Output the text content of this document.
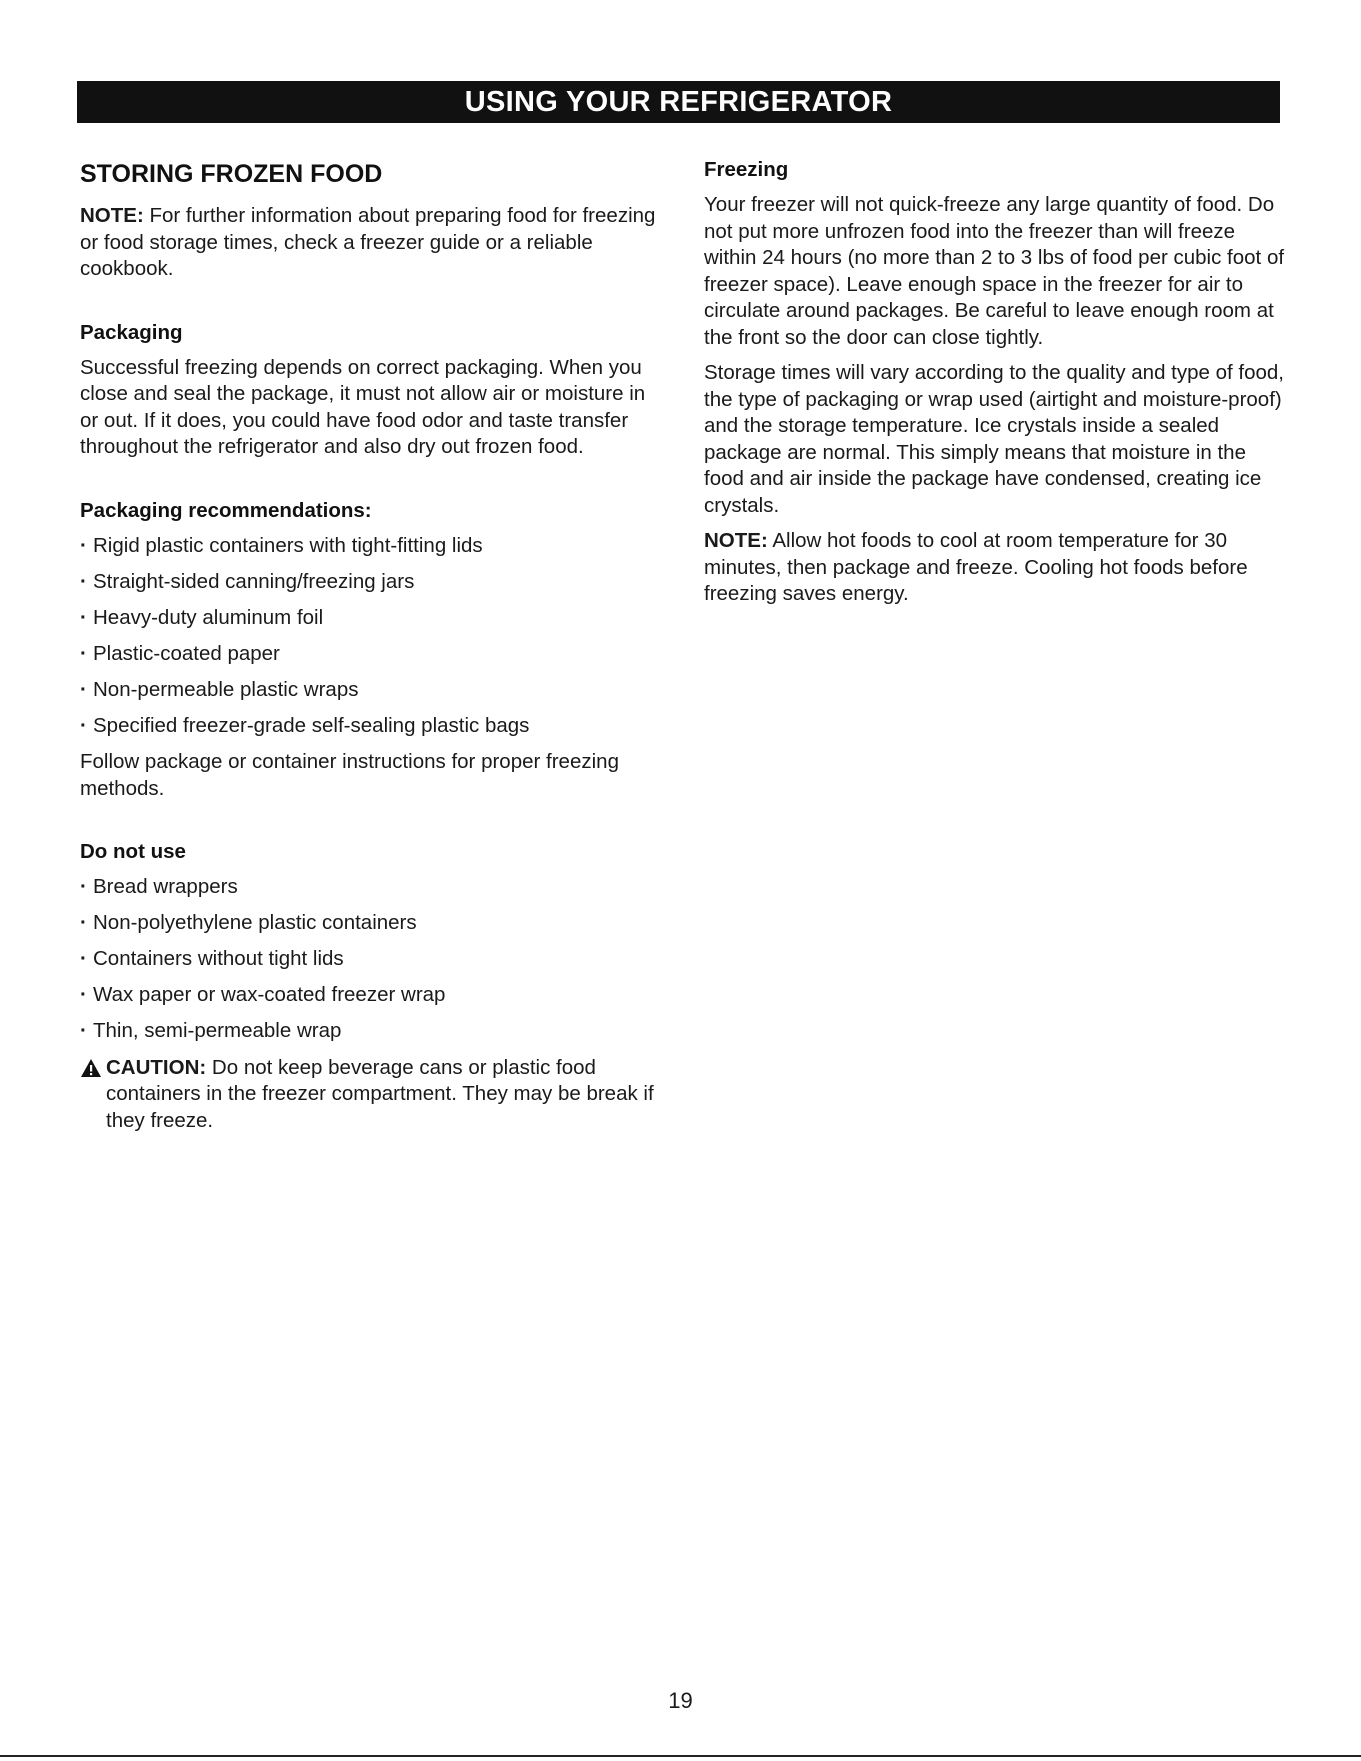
USING YOUR REFRIGERATOR
STORING FROZEN FOOD

NOTE: For further information about preparing food for freezing or food storage times, check a freezer guide or a reliable cookbook.

Packaging

Successful freezing depends on correct packaging. When you close and seal the package, it must not allow air or moisture in or out. If it does, you could have food odor and taste transfer throughout the refrigerator and also dry out frozen food.

Packaging recommendations:
· Rigid plastic containers with tight-fitting lids
· Straight-sided canning/freezing jars
· Heavy-duty aluminum foil
· Plastic-coated paper
· Non-permeable plastic wraps
· Specified freezer-grade self-sealing plastic bags

Follow package or container instructions for proper freezing methods.

Do not use
· Bread wrappers
· Non-polyethylene plastic containers
· Containers without tight lids
· Wax paper or wax-coated freezer wrap
· Thin, semi-permeable wrap

CAUTION: Do not keep beverage cans or plastic food containers in the freezer compartment. They may be break if they freeze.

Freezing

Your freezer will not quick-freeze any large quantity of food. Do not put more unfrozen food into the freezer than will freeze within 24 hours (no more than 2 to 3 lbs of food per cubic foot of freezer space). Leave enough space in the freezer for air to circulate around packages. Be careful to leave enough room at the front so the door can close tightly.

Storage times will vary according to the quality and type of food, the type of packaging or wrap used (airtight and moisture-proof) and the storage temperature. Ice crystals inside a sealed package are normal. This simply means that moisture in the food and air inside the package have condensed, creating ice crystals.

NOTE: Allow hot foods to cool at room temperature for 30 minutes, then package and freeze. Cooling hot foods before freezing saves energy.

19
